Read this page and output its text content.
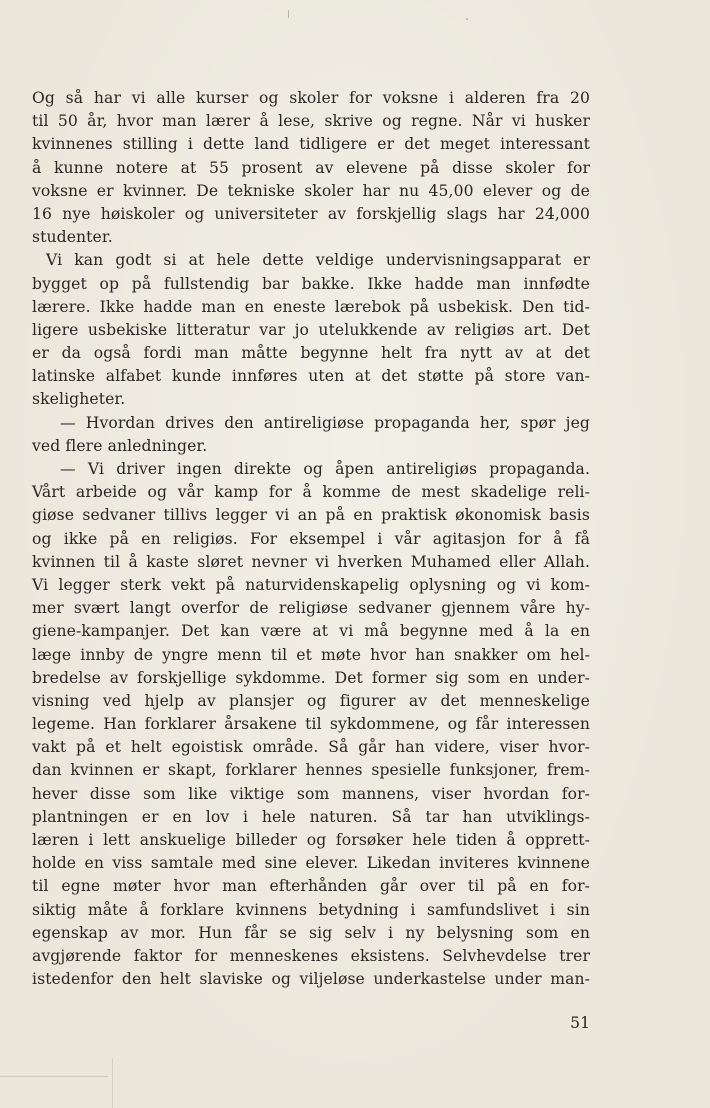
Og så har vi alle kurser og skoler for voksne i alderen fra 20
til 50 år, hvor man lærer å lese, skrive og regne. Når vi husker
kvinnenes stilling i dette land tidligere er det meget interessant
å kunne notere at 55 prosent av elevene på disse skoler for
voksne er kvinner. De tekniske skoler har nu 45,00 elever og de
16 nye høiskoler og universiteter av forskjellig slags har 24,000
studenter.
Vi kan godt si at hele dette veldige undervisningsapparat er
bygget op på fullstendig bar bakke. Ikke hadde man innfødte
lærere. Ikke hadde man en eneste lærebok på usbekisk. Den tid-
ligere usbekiske litteratur var jo utelukkende av religiøs art. Det
er da også fordi man måtte begynne helt fra nytt av at det
latinske alfabet kunde innføres uten at det støtte på store van-
skeligheter.
— Hvordan drives den antireligiøse propaganda her, spør jeg
ved flere anledninger.
— Vi driver ingen direkte og åpen antireligiøs propaganda.
Vårt arbeide og vår kamp for å komme de mest skadelige reli-
giøse sedvaner tillivs legger vi an på en praktisk økonomisk basis
og ikke på en religiøs. For eksempel i vår agitasjon for å få
kvinnen til å kaste sløret nevner vi hverken Muhamed eller Allah.
Vi legger sterk vekt på naturvidenskapelig oplysning og vi kom-
mer svært langt overfor de religiøse sedvaner gjennem våre hy-
giene-kampanjer. Det kan være at vi må begynne med å la en
læge innby de yngre menn til et møte hvor han snakker om hel-
bredelse av forskjellige sykdomme. Det former sig som en under-
visning ved hjelp av plansjer og figurer av det menneskelige
legeme. Han forklarer årsakene til sykdommene, og får interessen
vakt på et helt egoistisk område. Så går han videre, viser hvor-
dan kvinnen er skapt, forklarer hennes spesielle funksjoner, frem-
hever disse som like viktige som mannens, viser hvordan for-
plantningen er en lov i hele naturen. Så tar han utviklings-
læren i lett anskuelige billeder og forsøker hele tiden å opprett-
holde en viss samtale med sine elever. Likedan inviteres kvinnene
til egne møter hvor man efterhånden går over til på en for-
siktig måte å forklare kvinnens betydning i samfundslivet i sin
egenskap av mor. Hun får se sig selv i ny belysning som en
avgjørende faktor for menneskenes eksistens. Selvhevdelse trer
istedenfor den helt slaviske og viljeløse underkastelse under man-
51
